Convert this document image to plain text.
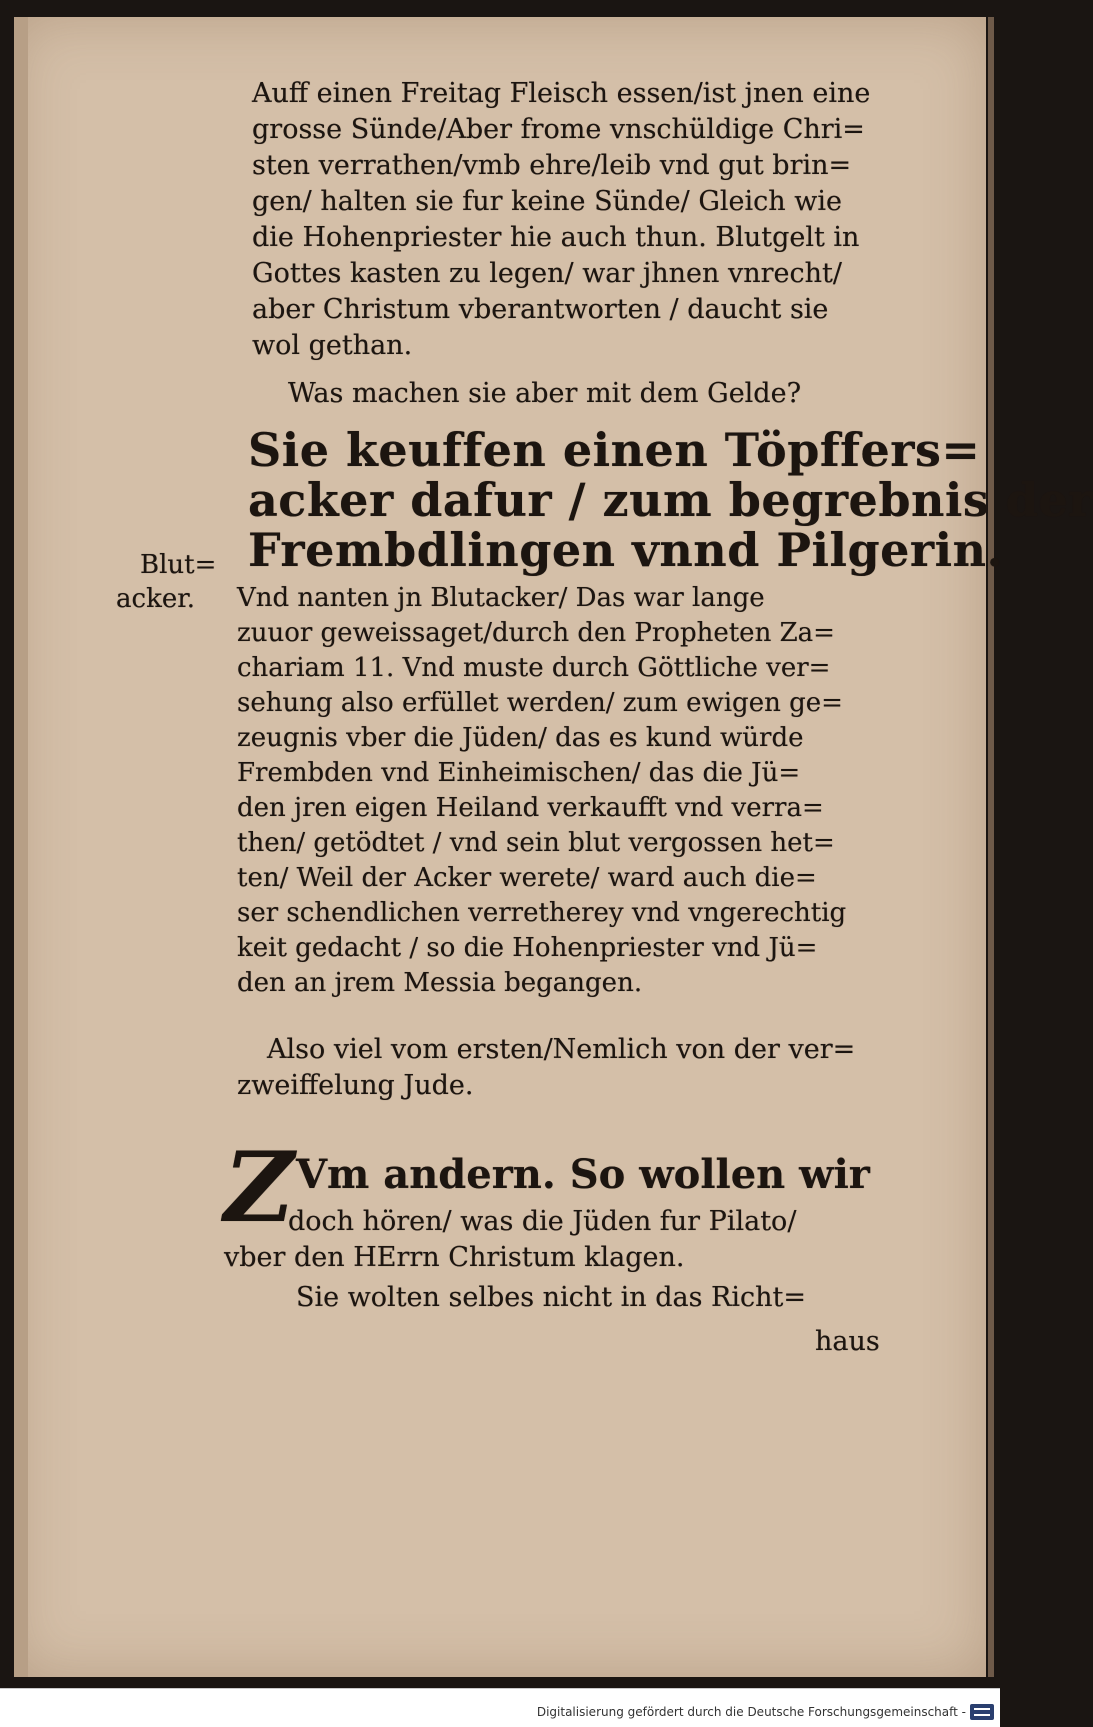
Auff einen Freitag Fleisch essen/ist jnen eine
grosse Sünde/Aber frome vnschüldige Chri=
sten verrathen/vmb ehre/leib vnd gut brin=
gen/ halten sie fur keine Sünde/ Gleich wie
die Hohenpriester hie auch thun. Blutgelt in
Gottes kasten zu legen/ war jhnen vnrecht/
aber Christum vberantworten / daucht sie
wol gethan.
Was machen sie aber mit dem Gelde?
Sie keuffen einen Töpffers=
acker dafur / zum begrebnis der
Frembdlingen vnnd Pilgerin.
Blut=
acker. Vnd nanten jn Blutacker/ Das war lange
zuuor geweissaget/durch den Propheten Za=
chariam 11. Vnd muste durch Göttliche ver=
sehung also erfüllet werden/ zum ewigen ge=
zeugnis vber die Jüden/ das es kund würde
Frembden vnd Einheimischen/ das die Jü=
den jren eigen Heiland verkaufft vnd verra=
then/ getödtet / vnd sein blut vergossen het=
ten/ Weil der Acker werete/ ward auch die=
ser schendlichen verretherey vnd vngerechtig
keit gedacht / so die Hohenpriester vnd Jü=
den an jrem Messia begangen.
Also viel vom ersten/Nemlich von der ver=
zweiffelung Jude.
Z Vm andern. So wollen wir
doch hören/ was die Jüden fur Pilato/
vber den HErrn Christum klagen.
Sie wolten selbes nicht in das Richt=
haus
Digitalisierung gefördert durch die Deutsche Forschungsgemeinschaft -
